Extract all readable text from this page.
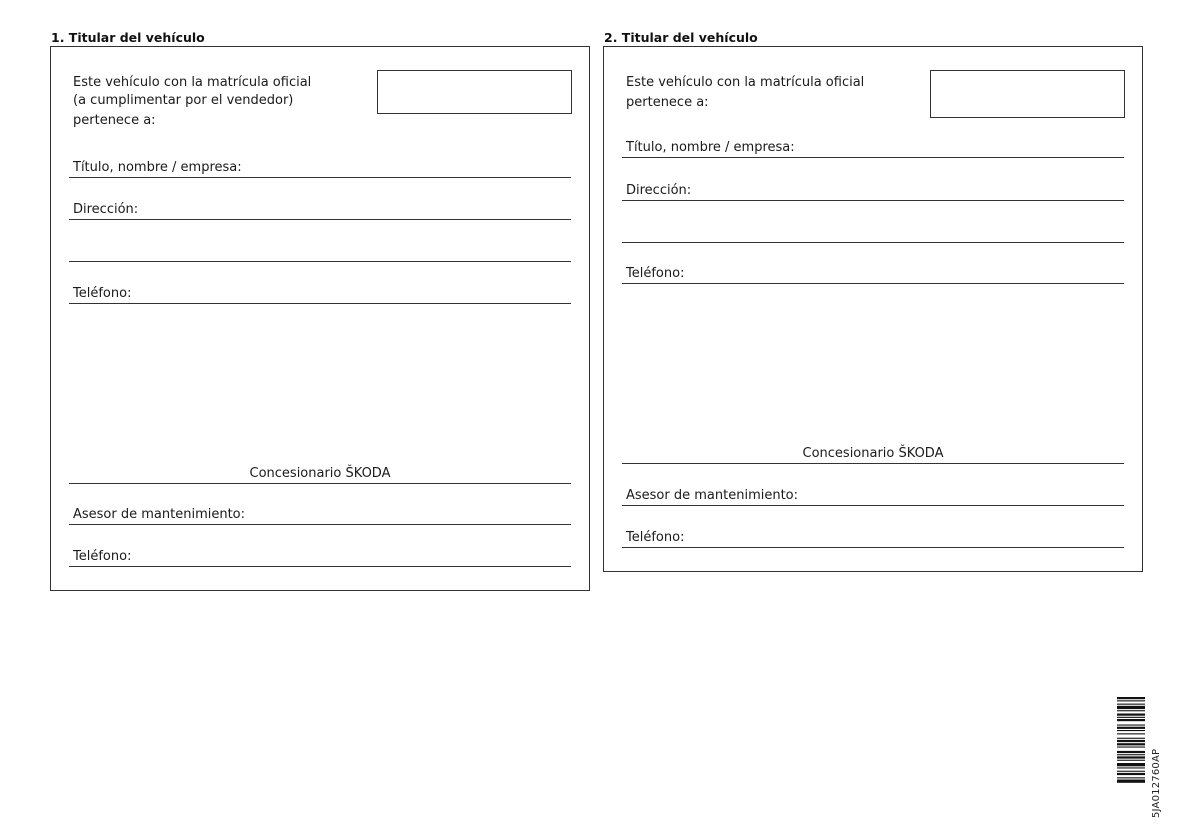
1. Titular del vehículo
Este vehículo con la matrícula oficial
(a cumplimentar por el vendedor)
pertenece a:
Título, nombre / empresa:
Dirección:
Teléfono:
Concesionario ŠKODA
Asesor de mantenimiento:
Teléfono:
2. Titular del vehículo
Este vehículo con la matrícula oficial
pertenece a:
Título, nombre / empresa:
Dirección:
Teléfono:
Concesionario ŠKODA
Asesor de mantenimiento:
Teléfono:
5JA012760AP
